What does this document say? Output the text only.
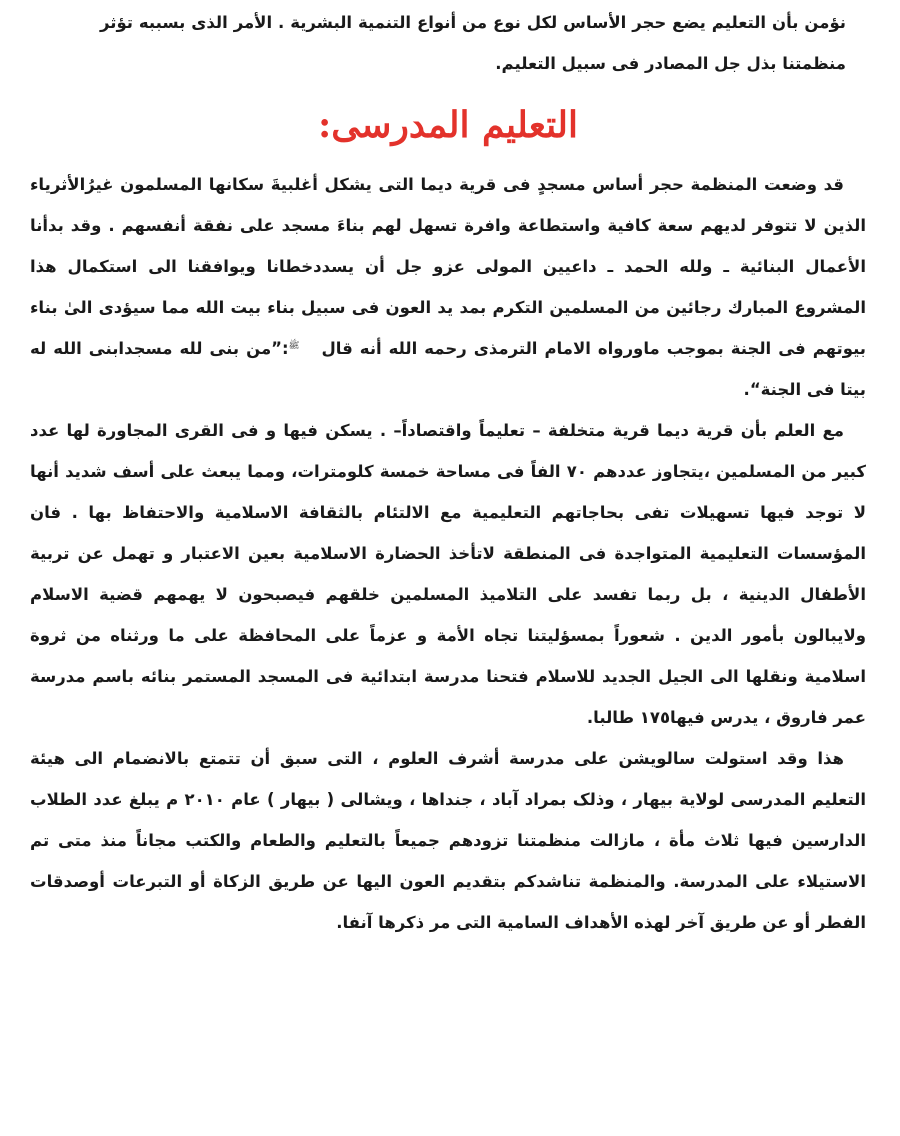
نؤمن بأن التعليم يضع حجر الأساس لكل نوع من أنواع التنمية البشرية . الأمر الذى بسببه تؤثر منظمتنا بذل جل المصادر فى سبيل التعليم.

التعليم المدرسى:

قد وضعت المنظمة حجر أساس مسجدٍ فى قرية ديما التى يشكل أغلبيةَ سكانها المسلمون غيرُالأثرياء الذين لا تتوفر لديهم سعة كافية واستطاعة وافرة تسهل لهم بناءَ مسجد على نفقة أنفسهم . وقد بدأنا الأعمال البنائية ـ ولله الحمد ـ داعيين المولى عزو جل أن يسددخطانا ويوافقنا الى استكمال هذا المشروع المبارك رجائين من المسلمين التكرم بمد يد العون فى سبيل بناء بيت الله مما سيؤدى الىٰ بناء بيوتهم فى الجنة بموجب ماورواه الامام الترمذى رحمه الله أنه قالﷺ:”من بنى لله مسجدابنى الله له بيتا فى الجنة“.

مع العلم بأن قرية ديما قرية متخلفة – تعليماً واقتصاداً– . يسكن فيها و فى القرى المجاورة لها عدد كبير من المسلمين ،يتجاوز عددهم ٧٠ الفاً فى مساحة خمسة كلومترات، ومما يبعث على أسف شديد أنها لا توجد فيها تسهيلات تفى بحاجاتهم التعليمية مع الالتئام بالثقافة الاسلامية والاحتفاظ بها . فان المؤسسات التعليمية المتواجدة فى المنطقة لاتأخذ الحضارة الاسلامية بعين الاعتبار و تهمل عن تربية الأطفال الدينية ، بل ربما تفسد على التلاميذ المسلمين خلقهم فيصبحون لا يهمهم قضية الاسلام ولايبالون بأمور الدين . شعوراً بمسؤليتنا تجاه الأمة و عزماً على المحافظة على ما ورثناه من ثروة اسلامية ونقلها الى الجيل الجديد للاسلام فتحنا مدرسة ابتدائية فى المسجد المستمر بنائه باسم مدرسة عمر فاروق ، يدرس فيها١٧٥ طالبا.

هذا وقد استولت سالويشن على مدرسة أشرف العلوم ، التى سبق أن تتمتع بالانضمام الى هيئة التعليم المدرسى لولاية بيهار ، وذلک بمراد آباد ، جنداها ، ويشالى ( بيهار ) عام ٢٠١٠ م يبلغ عدد الطلاب الدارسين فيها ثلاث مأة ، مازالت منظمتنا تزودهم جميعاً بالتعليم والطعام والكتب مجاناً منذ متى تم الاستيلاء على المدرسة. والمنظمة تناشدكم بتقديم العون اليها عن طريق الزكاة أو التبرعات أوصدقات الفطر أو عن طريق آخر لهذه الأهداف السامية التى مر ذكرها آنفا.
